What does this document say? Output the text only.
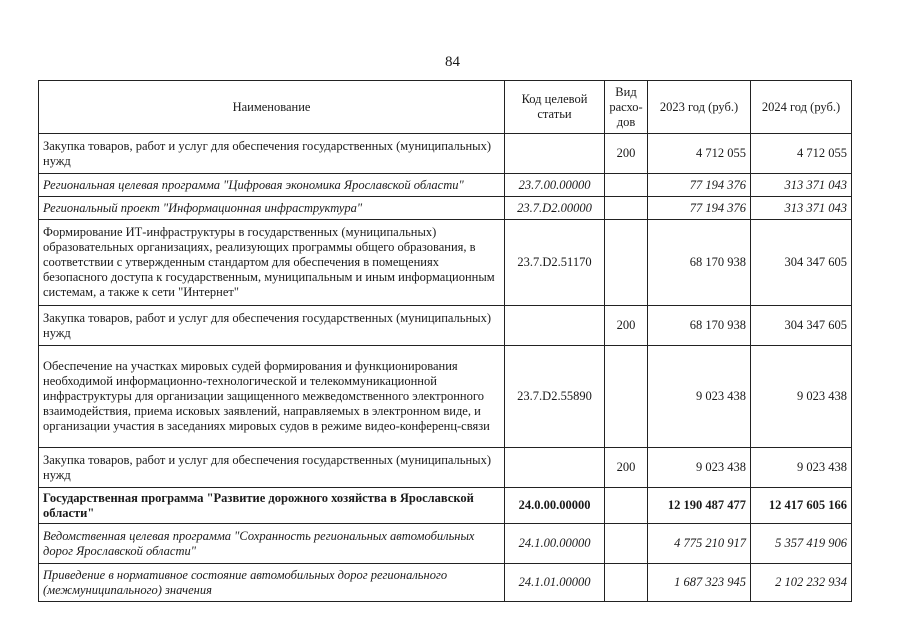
84
Наименование	Код целевой статьи	Вид расхо-дов	2023 год (руб.)	2024 год (руб.)
Закупка товаров, работ и услуг для обеспечения государственных (муниципальных) нужд		200	4 712 055	4 712 055
Региональная целевая программа "Цифровая экономика Ярославской области"	23.7.00.00000		77 194 376	313 371 043
Региональный проект "Информационная инфраструктура"	23.7.D2.00000		77 194 376	313 371 043
Формирование ИТ-инфраструктуры в государственных (муниципальных) образовательных организациях, реализующих программы общего образования, в соответствии с утвержденным стандартом для обеспечения в помещениях безопасного доступа к государственным, муниципальным и иным информационным системам, а также к сети "Интернет"	23.7.D2.51170		68 170 938	304 347 605
Закупка товаров, работ и услуг для обеспечения государственных (муниципальных) нужд		200	68 170 938	304 347 605
Обеспечение на участках мировых судей формирования и функционирования необходимой информационно-технологической и телекоммуникационной инфраструктуры для организации защищенного межведомственного электронного взаимодействия, приема исковых заявлений, направляемых в электронном виде, и организации участия в заседаниях мировых судов в режиме видео-конференц-связи	23.7.D2.55890		9 023 438	9 023 438
Закупка товаров, работ и услуг для обеспечения государственных (муниципальных) нужд		200	9 023 438	9 023 438
Государственная программа "Развитие дорожного хозяйства в Ярославской области"	24.0.00.00000		12 190 487 477	12 417 605 166
Ведомственная целевая программа "Сохранность региональных автомобильных дорог Ярославской области"	24.1.00.00000		4 775 210 917	5 357 419 906
Приведение в нормативное состояние автомобильных дорог регионального (межмуниципального) значения	24.1.01.00000		1 687 323 945	2 102 232 934
